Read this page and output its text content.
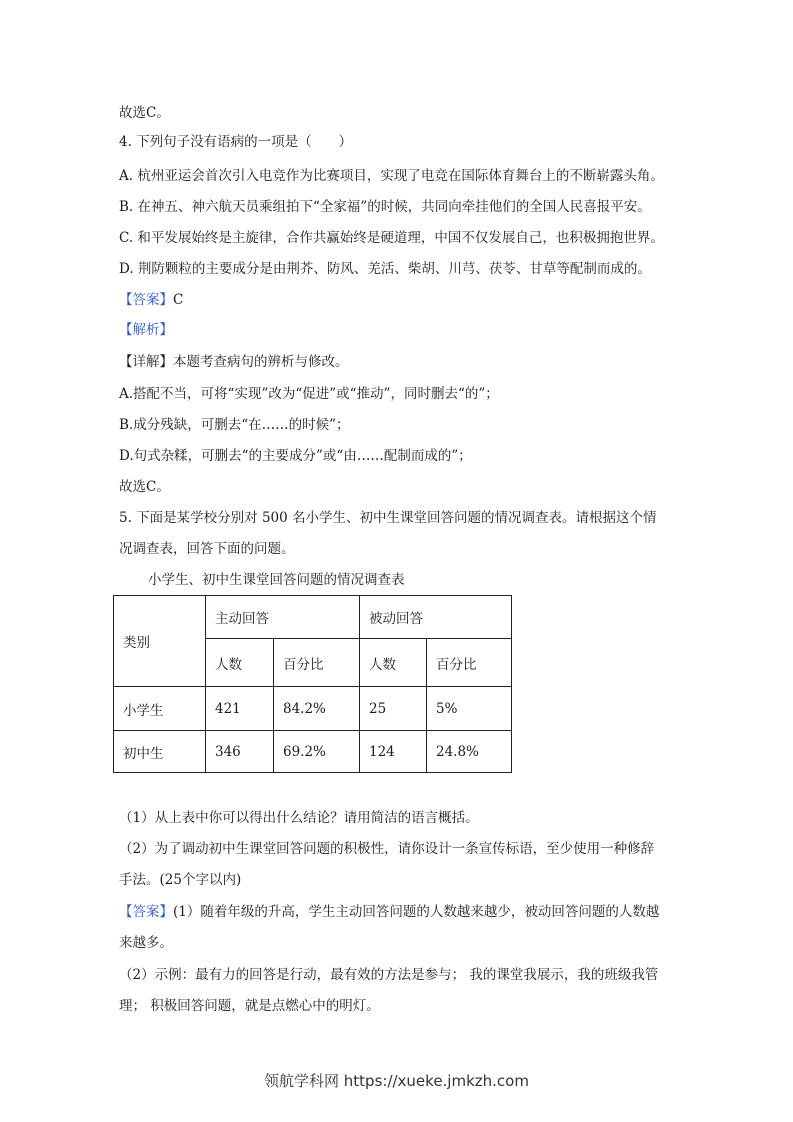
故选C。
4. 下列句子没有语病的一项是（　　）
A. 杭州亚运会首次引入电竞作为比赛项目，实现了电竞在国际体育舞台上的不断崭露头角。
B. 在神五、神六航天员乘组拍下“全家福”的时候，共同向牵挂他们的全国人民喜报平安。
C. 和平发展始终是主旋律，合作共赢始终是硬道理，中国不仅发展自己，也积极拥抱世界。
D. 荆防颗粒的主要成分是由荆芥、防风、羌活、柴胡、川芎、茯苓、甘草等配制而成的。
【答案】C
【解析】
【详解】本题考查病句的辨析与修改。
A.搭配不当，可将“实现”改为“促进”或“推动”，同时删去“的”；
B.成分残缺，可删去“在……的时候”；
D.句式杂糅，可删去“的主要成分”或“由……配制而成的”；
故选C。
5. 下面是某学校分别对 500 名小学生、初中生课堂回答问题的情况调查表。请根据这个情
况调查表，回答下面的问题。
小学生、初中生课堂回答问题的情况调查表
类别	主动回答		被动回答	
	人数	百分比	人数	百分比
小学生	421	84.2%	25	5%
初中生	346	69.2%	124	24.8%
（1）从上表中你可以得出什么结论？请用简洁的语言概括。
（2）为了调动初中生课堂回答问题的积极性，请你设计一条宣传标语，至少使用一种修辞
手法。(25个字以内)
【答案】(1）随着年级的升高，学生主动回答问题的人数越来越少，被动回答问题的人数越
来越多。
（2）示例：最有力的回答是行动，最有效的方法是参与； 我的课堂我展示，我的班级我管
理； 积极回答问题，就是点燃心中的明灯。
领航学科网 https://xueke.jmkzh.com
